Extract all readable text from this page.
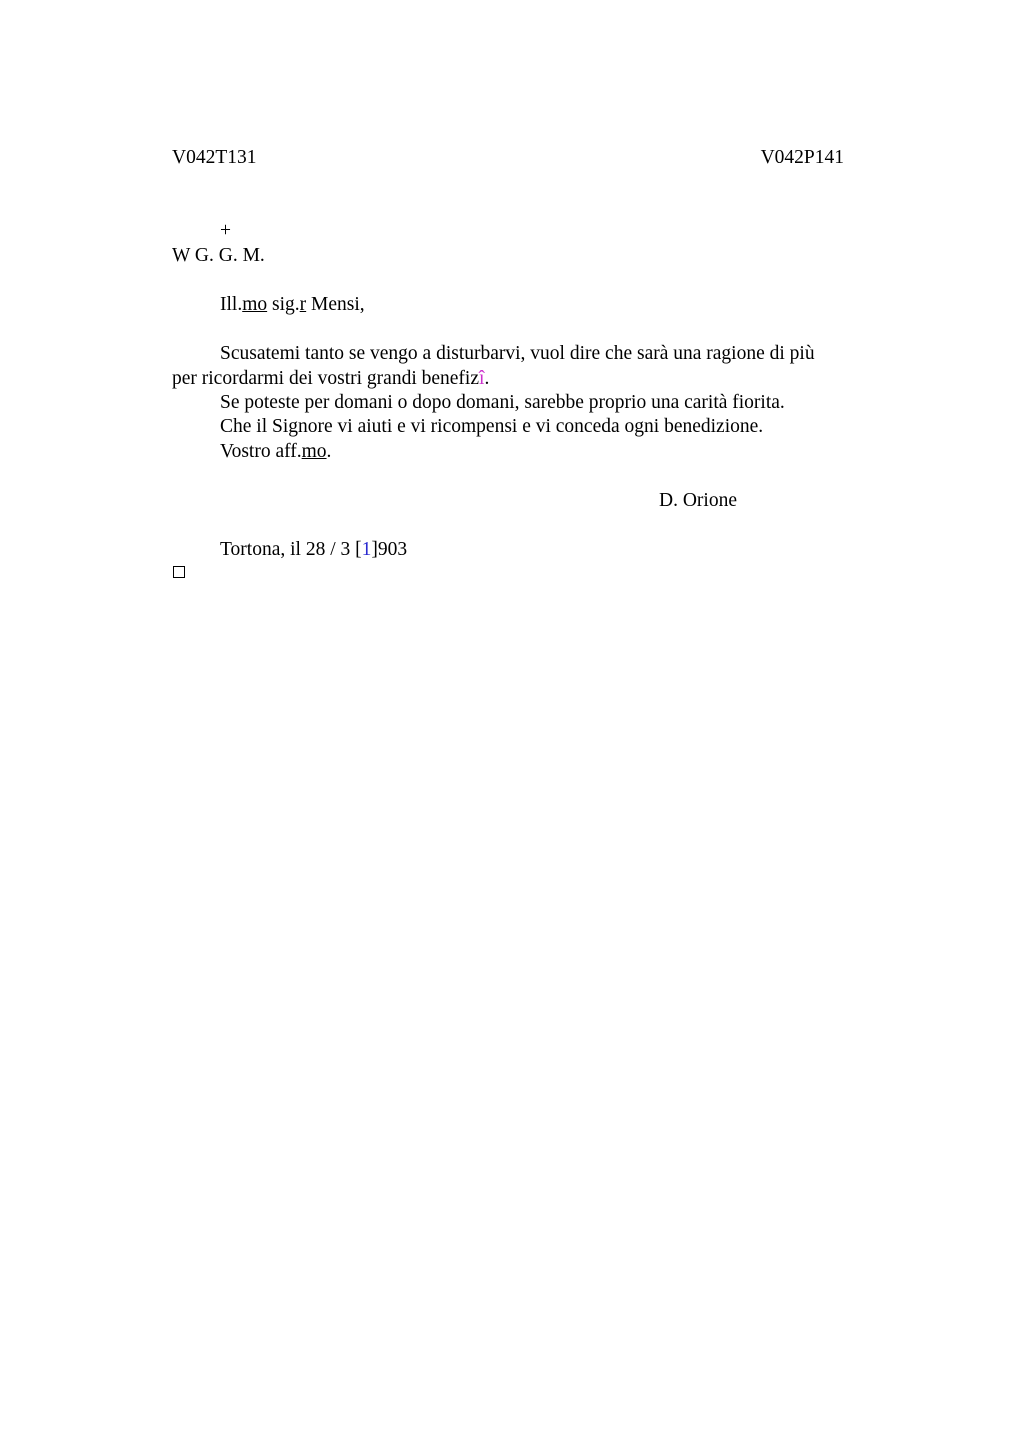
V042T131	V042P141
+
W G. G. M.
Ill.mo sig.r Mensi,
Scusatemi tanto se vengo a disturbarvi, vuol dire che sarà una ragione di più
per ricordarmi dei vostri grandi benefizî.
Se poteste per domani o dopo domani, sarebbe proprio una carità fiorita.
Che il Signore vi aiuti e vi ricompensi e vi conceda ogni benedizione.
Vostro aff.mo.
D. Orione
Tortona, il 28 / 3 [1]903
